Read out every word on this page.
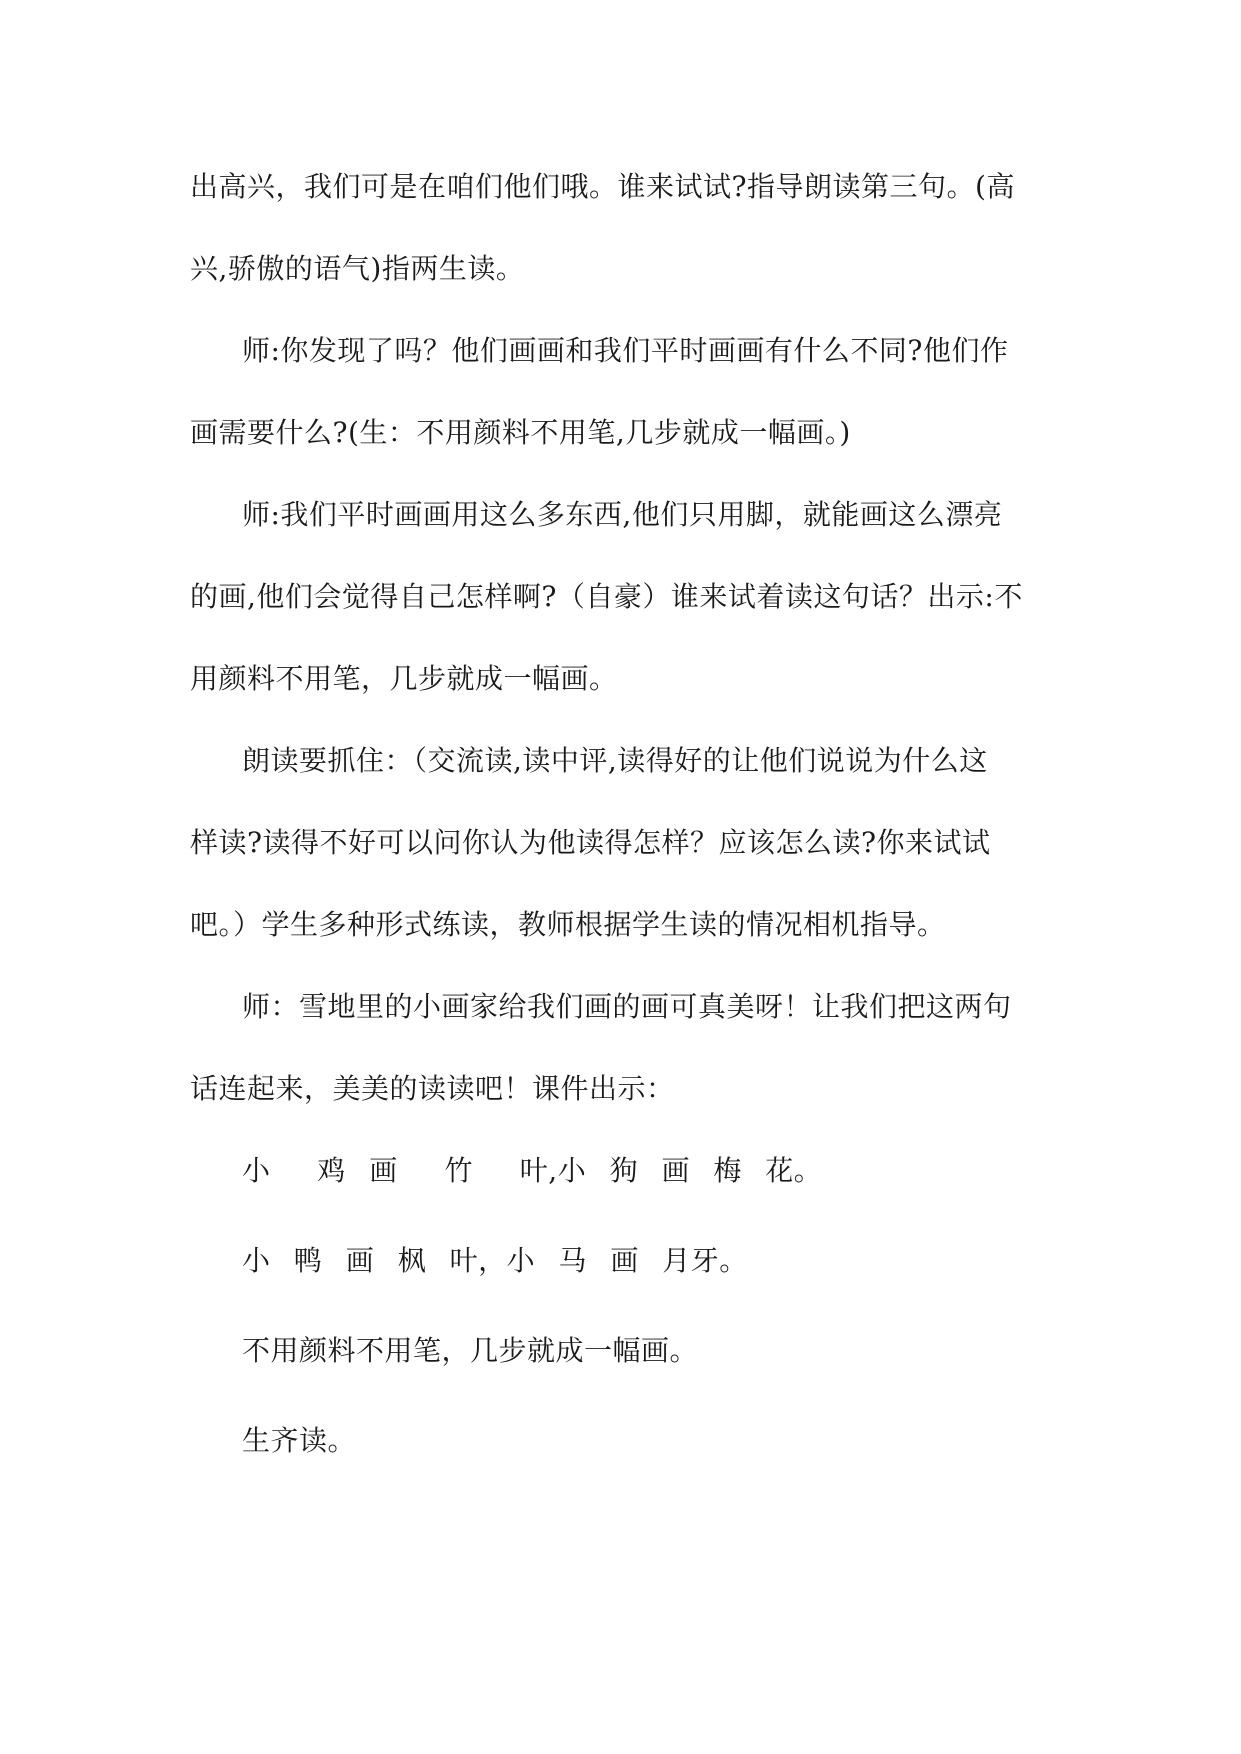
出高兴，我们可是在咱们他们哦。谁来试试?指导朗读第三句。(高
兴,骄傲的语气)指两生读。
师:你发现了吗？他们画画和我们平时画画有什么不同?他们作
画需要什么?(生：不用颜料不用笔,几步就成一幅画。)
师:我们平时画画用这么多东西,他们只用脚，就能画这么漂亮
的画,他们会觉得自己怎样啊?（自豪）谁来试着读这句话？出示:不
用颜料不用笔，几步就成一幅画。
朗读要抓住：（交流读,读中评,读得好的让他们说说为什么这
样读?读得不好可以问你认为他读得怎样？应该怎么读?你来试试
吧。）学生多种形式练读，教师根据学生读的情况相机指导。
师：雪地里的小画家给我们画的画可真美呀！让我们把这两句
话连起来，美美的读读吧！课件出示：
小  鸡 画  竹  叶,小 狗 画 梅 花。
小 鸭 画 枫 叶，小 马 画 月牙。
不用颜料不用笔，几步就成一幅画。
生齐读。
